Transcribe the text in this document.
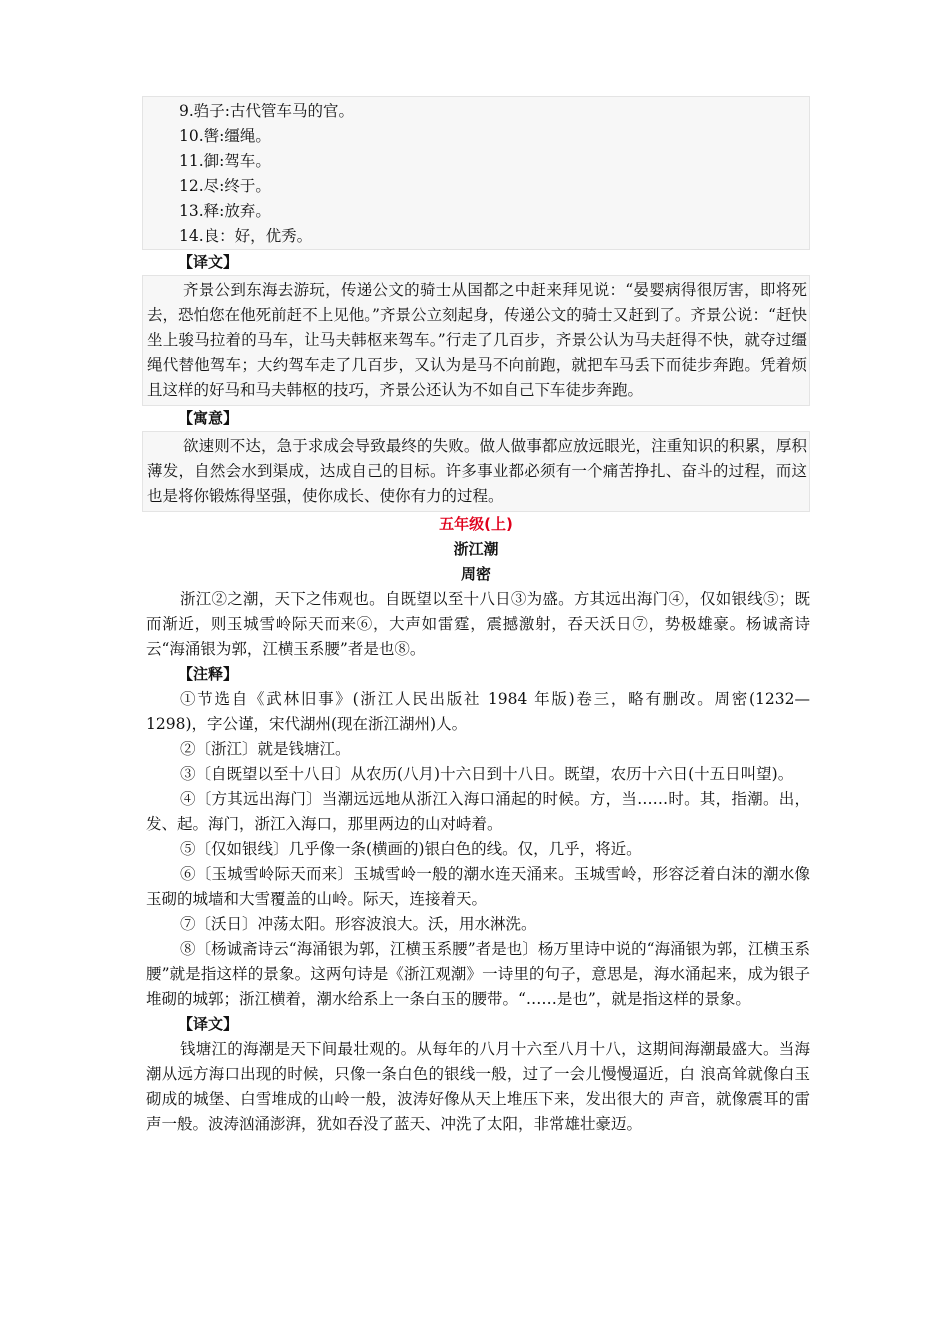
9.驺子:古代管车马的官。
10.辔:缰绳。
11.御:驾车。
12.尽:终于。
13.释:放弃。
14.良：好，优秀。
【译文】
齐景公到东海去游玩，传递公文的骑士从国都之中赶来拜见说：“晏婴病得很厉害，即将死去，恐怕您在他死前赶不上见他。”齐景公立刻起身，传递公文的骑士又赶到了。齐景公说：“赶快坐上骏马拉着的马车，让马夫韩枢来驾车。”行走了几百步，齐景公认为马夫赶得不快，就夺过缰绳代替他驾车；大约驾车走了几百步，又认为是马不向前跑，就把车马丢下而徒步奔跑。凭着烦且这样的好马和马夫韩枢的技巧，齐景公还认为不如自己下车徒步奔跑。
【寓意】
欲速则不达，急于求成会导致最终的失败。做人做事都应放远眼光，注重知识的积累，厚积薄发，自然会水到渠成，达成自己的目标。许多事业都必须有一个痛苦挣扎、奋斗的过程，而这也是将你锻炼得坚强，使你成长、使你有力的过程。
五年级(上)
浙江潮
周密
浙江②之潮，天下之伟观也。自既望以至十八日③为盛。方其远出海门④，仅如银线⑤；既而渐近，则玉城雪岭际天而来⑥，大声如雷霆，震撼激射，吞天沃日⑦，势极雄豪。杨诚斋诗云“海涌银为郭，江横玉系腰”者是也⑧。
【注释】
①节选自《武林旧事》(浙江人民出版社 1984 年版)卷三，略有删改。周密(1232—1298)，字公谨，宋代湖州(现在浙江湖州)人。
②〔浙江〕就是钱塘江。
③〔自既望以至十八日〕从农历(八月)十六日到十八日。既望，农历十六日(十五日叫望)。
④〔方其远出海门〕当潮远远地从浙江入海口涌起的时候。方，当……时。其，指潮。出，发、起。海门，浙江入海口，那里两边的山对峙着。
⑤〔仅如银线〕几乎像一条(横画的)银白色的线。仅，几乎，将近。
⑥〔玉城雪岭际天而来〕玉城雪岭一般的潮水连天涌来。玉城雪岭，形容泛着白沫的潮水像玉砌的城墙和大雪覆盖的山岭。际天，连接着天。
⑦〔沃日〕冲荡太阳。形容波浪大。沃，用水淋洗。
⑧〔杨诚斋诗云“海涌银为郭，江横玉系腰”者是也〕杨万里诗中说的“海涌银为郭，江横玉系腰”就是指这样的景象。这两句诗是《浙江观潮》一诗里的句子，意思是，海水涌起来，成为银子堆砌的城郭；浙江横着，潮水给系上一条白玉的腰带。“……是也”，就是指这样的景象。
【译文】
钱塘江的海潮是天下间最壮观的。从每年的八月十六至八月十八，这期间海潮最盛大。当海潮从远方海口出现的时候，只像一条白色的银线一般，过了一会儿慢慢逼近，白 浪高耸就像白玉砌成的城堡、白雪堆成的山岭一般，波涛好像从天上堆压下来，发出很大的 声音，就像震耳的雷声一般。波涛汹涌澎湃，犹如吞没了蓝天、冲洗了太阳，非常雄壮豪迈。
